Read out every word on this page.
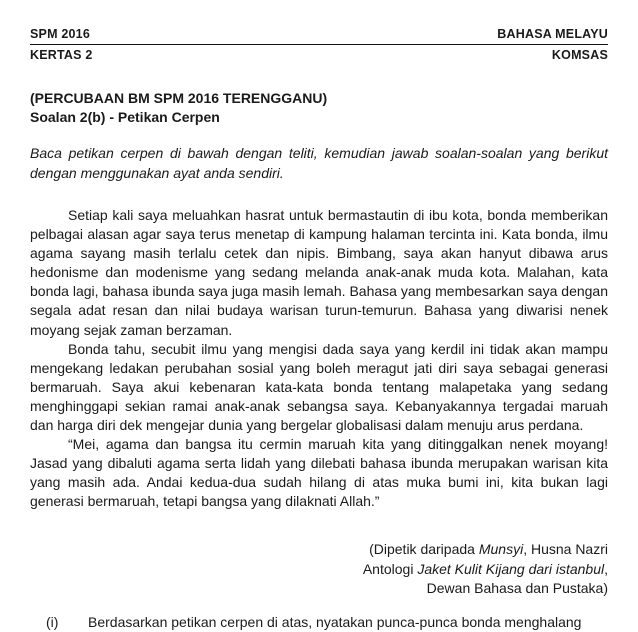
SPM 2016	BAHASA MELAYU
KERTAS 2	KOMSAS
(PERCUBAAN BM SPM 2016 TERENGGANU)
Soalan 2(b) - Petikan Cerpen
Baca petikan cerpen di bawah dengan teliti, kemudian jawab soalan-soalan yang berikut dengan menggunakan ayat anda sendiri.

Setiap kali saya meluahkan hasrat untuk bermastautin di ibu kota, bonda memberikan pelbagai alasan agar saya terus menetap di kampung halaman tercinta ini. Kata bonda, ilmu agama sayang masih terlalu cetek dan nipis. Bimbang, saya akan hanyut dibawa arus hedonisme dan modenisme yang sedang melanda anak-anak muda kota. Malahan, kata bonda lagi, bahasa ibunda saya juga masih lemah. Bahasa yang membesarkan saya dengan segala adat resan dan nilai budaya warisan turun-temurun. Bahasa yang diwarisi nenek moyang sejak zaman berzaman.

Bonda tahu, secubit ilmu yang mengisi dada saya yang kerdil ini tidak akan mampu mengekang ledakan perubahan sosial yang boleh meragut jati diri saya sebagai generasi bermaruah. Saya akui kebenaran kata-kata bonda tentang malapetaka yang sedang menghinggapi sekian ramai anak-anak sebangsa saya. Kebanyakannya tergadai maruah dan harga diri dek mengejar dunia yang bergelar globalisasi dalam menuju arus perdana.

“Mei, agama dan bangsa itu cermin maruah kita yang ditinggalkan nenek moyang! Jasad yang dibaluti agama serta lidah yang dilebati bahasa ibunda merupakan warisan kita yang masih ada. Andai kedua-dua sudah hilang di atas muka bumi ini, kita bukan lagi generasi bermaruah, tetapi bangsa yang dilaknati Allah.”

(Dipetik daripada Munsyi, Husna Nazri
Antologi Jaket Kulit Kijang dari istanbul,
Dewan Bahasa dan Pustaka)
(i) Berdasarkan petikan cerpen di atas, nyatakan punca-punca bonda menghalang
